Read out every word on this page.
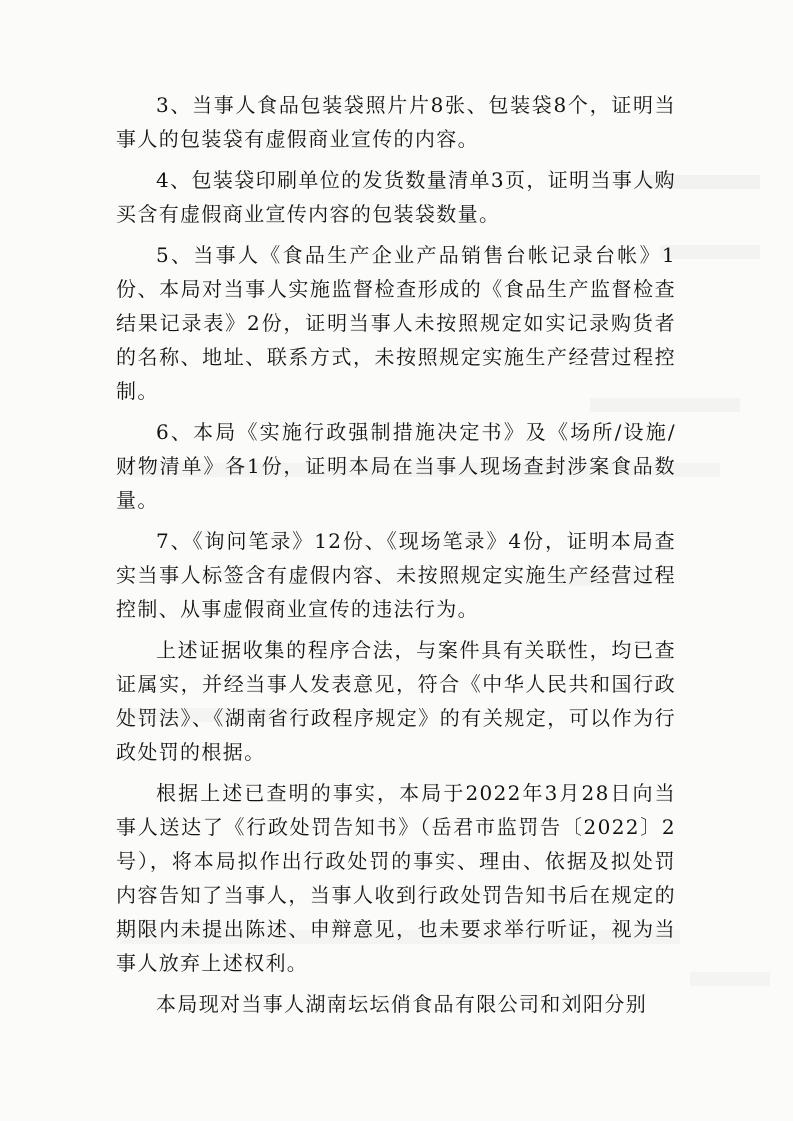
3、当事人食品包装袋照片片8张、包装袋8个，证明当事人的包装袋有虚假商业宣传的内容。

4、包装袋印刷单位的发货数量清单3页，证明当事人购买含有虚假商业宣传内容的包装袋数量。

5、当事人《食品生产企业产品销售台帐记录台帐》1份、本局对当事人实施监督检查形成的《食品生产监督检查结果记录表》2份，证明当事人未按照规定如实记录购货者的名称、地址、联系方式，未按照规定实施生产经营过程控制。

6、本局《实施行政强制措施决定书》及《场所/设施/财物清单》各1份，证明本局在当事人现场查封涉案食品数量。

7、《询问笔录》12份、《现场笔录》4份，证明本局查实当事人标签含有虚假内容、未按照规定实施生产经营过程控制、从事虚假商业宣传的违法行为。

上述证据收集的程序合法，与案件具有关联性，均已查证属实，并经当事人发表意见，符合《中华人民共和国行政处罚法》、《湖南省行政程序规定》的有关规定，可以作为行政处罚的根据。

根据上述已查明的事实，本局于2022年3月28日向当事人送达了《行政处罚告知书》（岳君市监罚告〔2022〕2号），将本局拟作出行政处罚的事实、理由、依据及拟处罚内容告知了当事人，当事人收到行政处罚告知书后在规定的期限内未提出陈述、申辩意见，也未要求举行听证，视为当事人放弃上述权利。

本局现对当事人湖南坛坛俏食品有限公司和刘阳分别
